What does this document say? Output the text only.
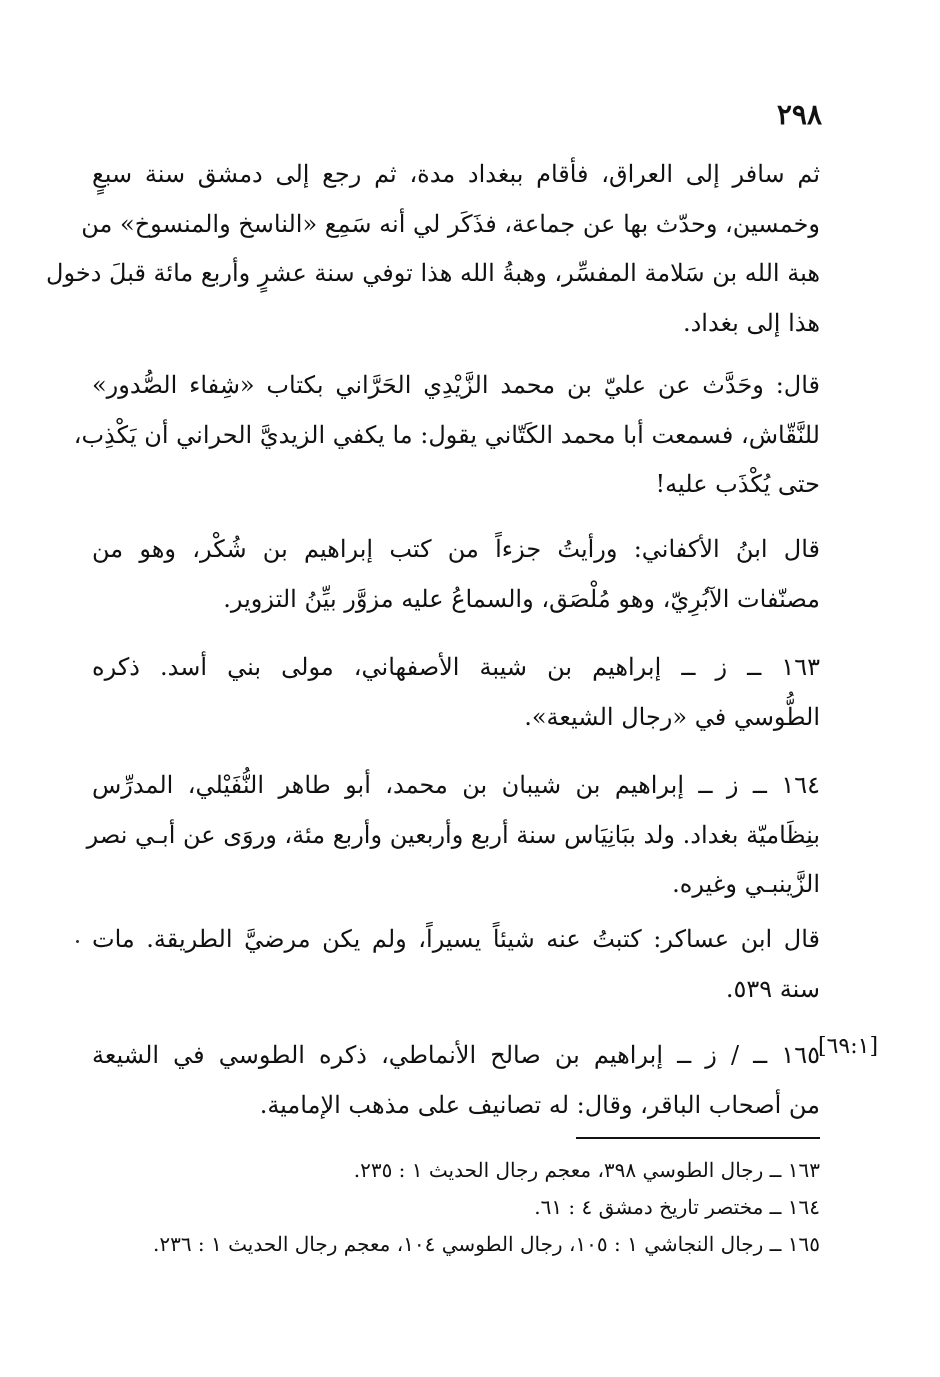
٢٩٨
ثم سافر إلى العراق، فأقام ببغداد مدة، ثم رجع إلى دمشق سنة سبعٍ
وخمسين، وحدّث بها عن جماعة، فذَكَر لي أنه سَمِع «الناسخ والمنسوخ» من
هبة الله بن سَلامة المفسِّر، وهبةُ الله هذا توفي سنة عشرٍ وأربع مائة قبلَ دخول
هذا إلى بغداد.
قال: وحَدَّث عن عليّ بن محمد الزَّيْدِي الحَرَّاني بكتاب «شِفاء الصُّدور»
للنَّقّاش، فسمعت أبا محمد الكَتّاني يقول: ما يكفي الزيديَّ الحراني أن يَكْذِب،
حتى يُكْذَب عليه!
قال ابنُ الأكفاني: ورأيتُ جزءاً من كتب إبراهيم بن شُكْر، وهو من
مصنّفات الآبُرِيّ، وهو مُلْصَق، والسماعُ عليه مزوَّر بيِّنُ التزوير.
١٦٣ ــ ز ــ إبراهيم بن شيبة الأصفهاني، مولى بني أسد. ذكره
الطُّوسي في «رجال الشيعة».
١٦٤ ــ ز ــ إبراهيم بن شيبان بن محمد، أبو طاهر النُّفَيْلي، المدرِّس
بنِظَاميّة بغداد. ولد ببَانِيَاس سنة أربع وأربعين وأربع مئة، وروَى عن أبـي نصر
الزَّينبـي وغيره.
قال ابن عساكر: كتبتُ عنه شيئاً يسيراً، ولم يكن مرضيَّ الطريقة. مات
سنة ٥٣٩.
[٦٩:١]
١٦٥ ــ / ز ــ إبراهيم بن صالح الأنماطي، ذكره الطوسي في الشيعة
من أصحاب الباقر، وقال: له تصانيف على مذهب الإمامية.
١٦٣ ــ رجال الطوسي ٣٩٨، معجم رجال الحديث ١ : ٢٣٥.
١٦٤ ــ مختصر تاريخ دمشق ٤ : ٦١.
١٦٥ ــ رجال النجاشي ١ : ١٠٥، رجال الطوسي ١٠٤، معجم رجال الحديث ١ : ٢٣٦.
